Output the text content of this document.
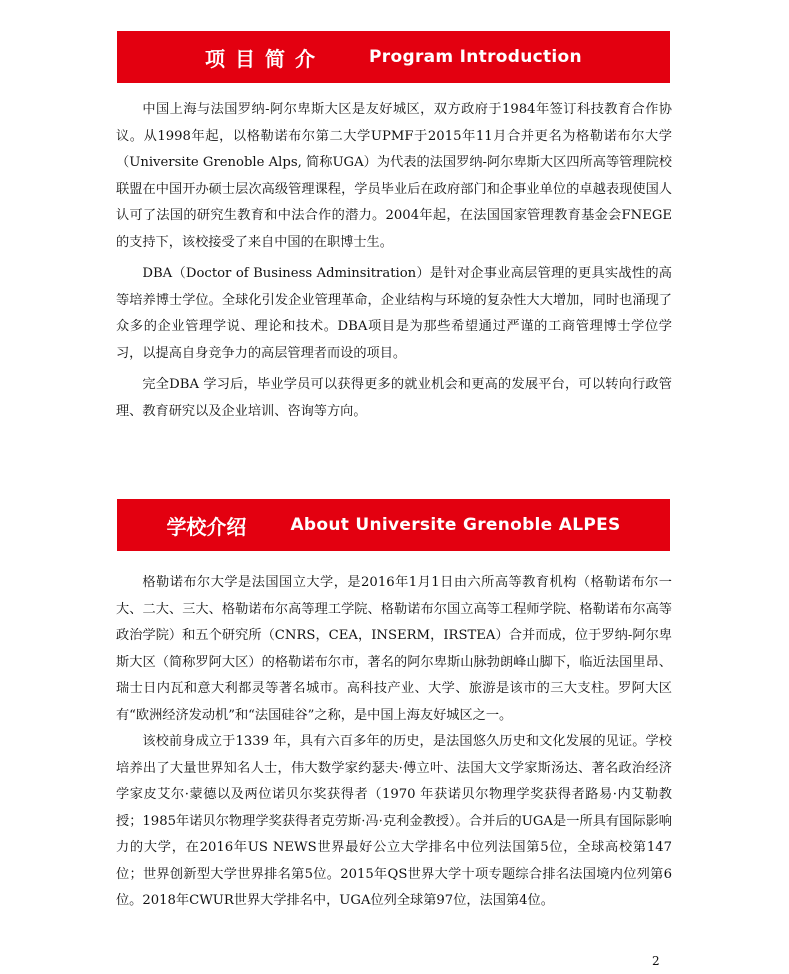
项目简介	Program Introduction

中国上海与法国罗纳-阿尔卑斯大区是友好城区，双方政府于1984年签订科技教育合作协议。从1998年起，以格勒诺布尔第二大学UPMF于2015年11月合并更名为格勒诺布尔大学（Universite Grenoble Alps, 简称UGA）为代表的法国罗纳-阿尔卑斯大区四所高等管理院校联盟在中国开办硕士层次高级管理课程，学员毕业后在政府部门和企事业单位的卓越表现使国人认可了法国的研究生教育和中法合作的潜力。2004年起，在法国国家管理教育基金会FNEGE的支持下，该校接受了来自中国的在职博士生。

DBA（Doctor of Business Adminsitration）是针对企事业高层管理的更具实战性的高等培养博士学位。全球化引发企业管理革命，企业结构与环境的复杂性大大增加，同时也涌现了众多的企业管理学说、理论和技术。DBA项目是为那些希望通过严谨的工商管理博士学位学习，以提高自身竞争力的高层管理者而设的项目。

完全DBA 学习后，毕业学员可以获得更多的就业机会和更高的发展平台，可以转向行政管理、教育研究以及企业培训、咨询等方向。

学校介绍	About Universite Grenoble ALPES

格勒诺布尔大学是法国国立大学，是2016年1月1日由六所高等教育机构（格勒诺布尔一大、二大、三大、格勒诺布尔高等理工学院、格勒诺布尔国立高等工程师学院、格勒诺布尔高等政治学院）和五个研究所（CNRS，CEA，INSERM，IRSTEA）合并而成，位于罗纳-阿尔卑斯大区（简称罗阿大区）的格勒诺布尔市，著名的阿尔卑斯山脉勃朗峰山脚下，临近法国里昂、瑞士日内瓦和意大利都灵等著名城市。高科技产业、大学、旅游是该市的三大支柱。罗阿大区有“欧洲经济发动机”和“法国硅谷”之称，是中国上海友好城区之一。

该校前身成立于1339 年，具有六百多年的历史，是法国悠久历史和文化发展的见证。学校培养出了大量世界知名人士，伟大数学家约瑟夫·傅立叶、法国大文学家斯汤达、著名政治经济学家皮艾尔·蒙德以及两位诺贝尔奖获得者（1970 年获诺贝尔物理学奖获得者路易·内艾勒教授；1985年诺贝尔物理学奖获得者克劳斯·冯·克利金教授）。合并后的UGA是一所具有国际影响力的大学，在2016年US NEWS世界最好公立大学排名中位列法国第5位，全球高校第147位；世界创新型大学世界排名第5位。2015年QS世界大学十项专题综合排名法国境内位列第6位。2018年CWUR世界大学排名中，UGA位列全球第97位，法国第4位。

2
